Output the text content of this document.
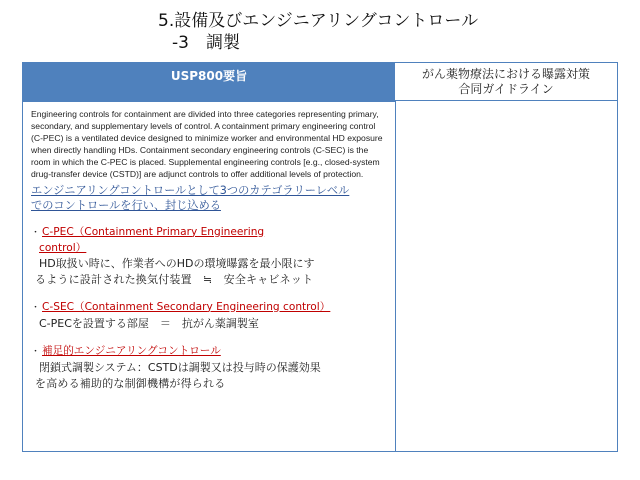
5.設備及びエンジニアリングコントロール
-3　調製
USP800要旨
Engineering controls for containment are divided into three categories representing primary, secondary, and supplementary levels of control. A containment primary engineering control (C-PEC) is a ventilated device designed to minimize worker and environmental HD exposure when directly handling HDs. Containment secondary engineering controls (C-SEC) is the room in which the C-PEC is placed. Supplemental engineering controls [e.g., closed-system drug-transfer device (CSTD)] are adjunct controls to offer additional levels of protection.
エンジニアリングコントロールとして3つのカテゴラリーレベル
でのコントロールを行い、封じ込める
・ C-PEC（Containment Primary Engineering
control）
HD取扱い時に、作業者へのHDの環境曝露を最小限にす
るように設計された換気付装置　≒　安全キャビネット
・ C-SEC（Containment Secondary Engineering control）
C-PECを設置する部屋　＝　抗がん薬調製室
・ 補足的エンジニアリングコントロール
閉鎖式調製システム：CSTDは調製又は投与時の保護効果
を高める補助的な制御機構が得られる
がん薬物療法における曝露対策
合同ガイドライン
